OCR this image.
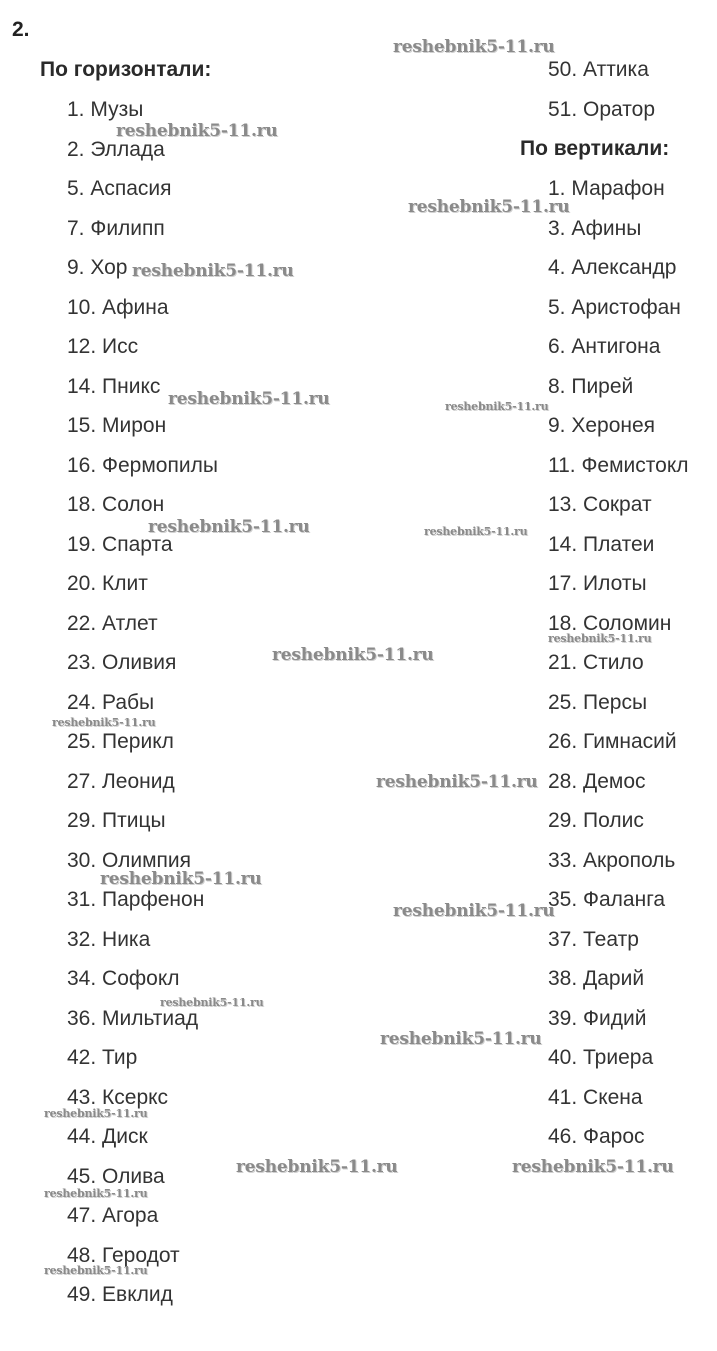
2.
По горизонтали:
1. Музы
2. Эллада
5. Аспасия
7. Филипп
9. Хор
10. Афина
12. Исс
14. Пникс
15. Мирон
16. Фермопилы
18. Солон
19. Спарта
20. Клит
22. Атлет
23. Оливия
24. Рабы
25. Перикл
27. Леонид
29. Птицы
30. Олимпия
31. Парфенон
32. Ника
34. Софокл
36. Мильтиад
42. Тир
43. Ксеркс
44. Диск
45. Олива
47. Агора
48. Геродот
49. Евклид
50. Аттика
51. Оратор
По вертикали:
1. Марафон
3. Афины
4. Александр
5. Аристофан
6. Антигона
8. Пирей
9. Херонея
11. Фемистокл
13. Сократ
14. Платеи
17. Илоты
18. Соломин
21. Стило
25. Персы
26. Гимнасий
28. Демос
29. Полис
33. Акрополь
35. Фаланга
37. Театр
38. Дарий
39. Фидий
40. Триера
41. Скена
46. Фарос
reshebnik5-11.ru
reshebnik5-11.ru
reshebnik5-11.ru
reshebnik5-11.ru
reshebnik5-11.ru	reshebnik5-11.ru
reshebnik5-11.ru	reshebnik5-11.ru
reshebnik5-11.ru
reshebnik5-11.ru
reshebnik5-11.ru
reshebnik5-11.ru
reshebnik5-11.ru
reshebnik5-11.ru
reshebnik5-11.ru
reshebnik5-11.ru
reshebnik5-11.ru
reshebnik5-11.ru	reshebnik5-11.ru
reshebnik5-11.ru
reshebnik5-11.ru
